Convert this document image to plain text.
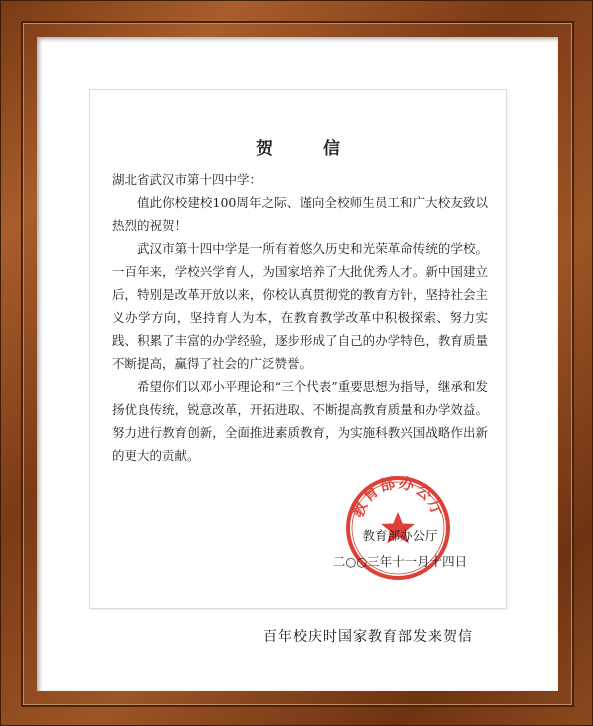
贺 信

湖北省武汉市第十四中学：

值此你校建校100周年之际、谨向全校师生员工和广大校友致以热烈的祝贺！

武汉市第十四中学是一所有着悠久历史和光荣革命传统的学校。一百年来，学校兴学育人，为国家培养了大批优秀人才。新中国建立后，特别是改革开放以来，你校认真贯彻党的教育方针，坚持社会主义办学方向，坚持育人为本，在教育教学改革中积极探索、努力实践、积累了丰富的办学经验，逐步形成了自己的办学特色，教育质量不断提高，赢得了社会的广泛赞誉。

希望你们以邓小平理论和“三个代表”重要思想为指导，继承和发扬优良传统，锐意改革，开拓进取、不断提高教育质量和办学效益。努力进行教育创新，全面推进素质教育，为实施科教兴国战略作出新的更大的贡献。

教育部办公厅
教育部办公厅
二○○三年十一月十四日
百年校庆时国家教育部发来贺信
